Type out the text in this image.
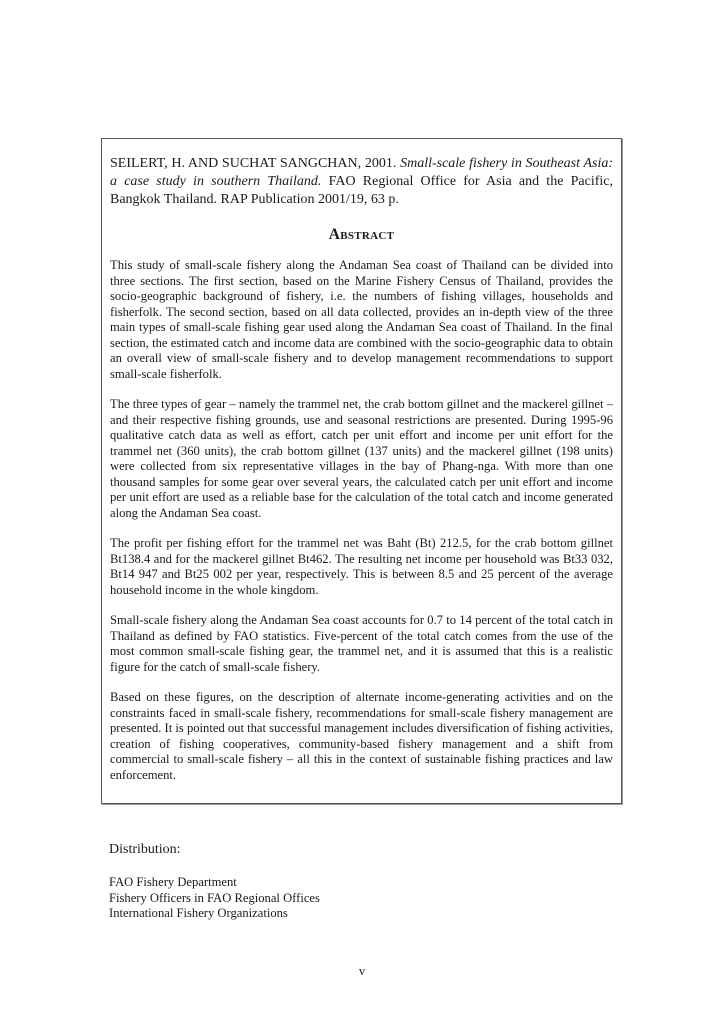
SEILERT, H. AND SUCHAT SANGCHAN, 2001. Small-scale fishery in Southeast Asia: a case study in southern Thailand. FAO Regional Office for Asia and the Pacific, Bangkok Thailand. RAP Publication 2001/19, 63 p.

Abstract

This study of small-scale fishery along the Andaman Sea coast of Thailand can be divided into three sections. The first section, based on the Marine Fishery Census of Thailand, provides the socio-geographic background of fishery, i.e. the numbers of fishing villages, households and fisherfolk. The second section, based on all data collected, provides an in-depth view of the three main types of small-scale fishing gear used along the Andaman Sea coast of Thailand. In the final section, the estimated catch and income data are combined with the socio-geographic data to obtain an overall view of small-scale fishery and to develop management recommendations to support small-scale fisherfolk.

The three types of gear – namely the trammel net, the crab bottom gillnet and the mackerel gillnet – and their respective fishing grounds, use and seasonal restrictions are presented. During 1995-96 qualitative catch data as well as effort, catch per unit effort and income per unit effort for the trammel net (360 units), the crab bottom gillnet (137 units) and the mackerel gillnet (198 units) were collected from six representative villages in the bay of Phang-nga. With more than one thousand samples for some gear over several years, the calculated catch per unit effort and income per unit effort are used as a reliable base for the calculation of the total catch and income generated along the Andaman Sea coast.

The profit per fishing effort for the trammel net was Baht (Bt) 212.5, for the crab bottom gillnet Bt138.4 and for the mackerel gillnet Bt462. The resulting net income per household was Bt33 032, Bt14 947 and Bt25 002 per year, respectively. This is between 8.5 and 25 percent of the average household income in the whole kingdom.

Small-scale fishery along the Andaman Sea coast accounts for 0.7 to 14 percent of the total catch in Thailand as defined by FAO statistics. Five-percent of the total catch comes from the use of the most common small-scale fishing gear, the trammel net, and it is assumed that this is a realistic figure for the catch of small-scale fishery.

Based on these figures, on the description of alternate income-generating activities and on the constraints faced in small-scale fishery, recommendations for small-scale fishery management are presented. It is pointed out that successful management includes diversification of fishing activities, creation of fishing cooperatives, community-based fishery management and a shift from commercial to small-scale fishery – all this in the context of sustainable fishing practices and law enforcement.

Distribution:

FAO Fishery Department
Fishery Officers in FAO Regional Offices
International Fishery Organizations
v
